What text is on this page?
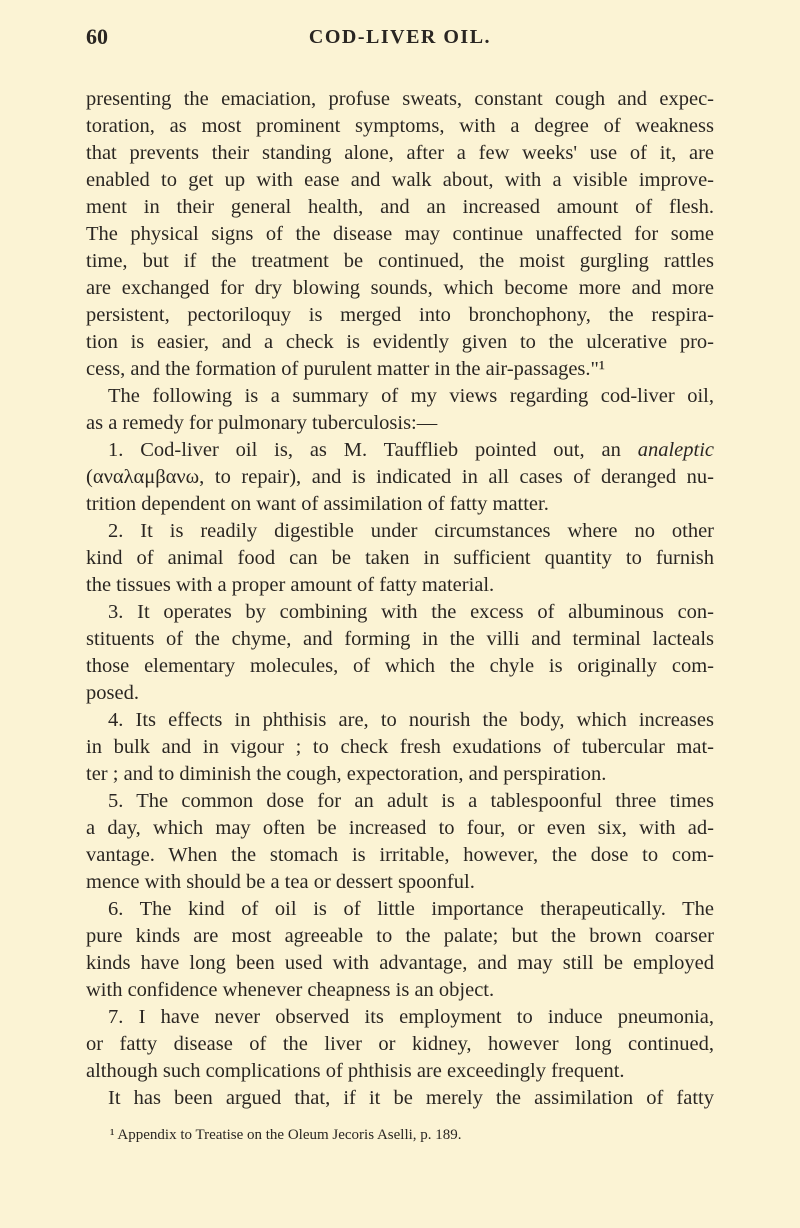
60	COD-LIVER OIL.
presenting the emaciation, profuse sweats, constant cough and expec-
toration, as most prominent symptoms, with a degree of weakness
that prevents their standing alone, after a few weeks' use of it, are
enabled to get up with ease and walk about, with a visible improve-
ment in their general health, and an increased amount of flesh.
The physical signs of the disease may continue unaffected for some
time, but if the treatment be continued, the moist gurgling rattles
are exchanged for dry blowing sounds, which become more and more
persistent, pectoriloquy is merged into bronchophony, the respira-
tion is easier, and a check is evidently given to the ulcerative pro-
cess, and the formation of purulent matter in the air-passages."¹
The following is a summary of my views regarding cod-liver oil,
as a remedy for pulmonary tuberculosis:—
1. Cod-liver oil is, as M. Taufflieb pointed out, an analeptic
(αναλαμβανω, to repair), and is indicated in all cases of deranged nu-
trition dependent on want of assimilation of fatty matter.
2. It is readily digestible under circumstances where no other
kind of animal food can be taken in sufficient quantity to furnish
the tissues with a proper amount of fatty material.
3. It operates by combining with the excess of albuminous con-
stituents of the chyme, and forming in the villi and terminal lacteals
those elementary molecules, of which the chyle is originally com-
posed.
4. Its effects in phthisis are, to nourish the body, which increases
in bulk and in vigour ; to check fresh exudations of tubercular mat-
ter ; and to diminish the cough, expectoration, and perspiration.
5. The common dose for an adult is a tablespoonful three times
a day, which may often be increased to four, or even six, with ad-
vantage. When the stomach is irritable, however, the dose to com-
mence with should be a tea or dessert spoonful.
6. The kind of oil is of little importance therapeutically. The
pure kinds are most agreeable to the palate; but the brown coarser
kinds have long been used with advantage, and may still be employed
with confidence whenever cheapness is an object.
7. I have never observed its employment to induce pneumonia,
or fatty disease of the liver or kidney, however long continued,
although such complications of phthisis are exceedingly frequent.
It has been argued that, if it be merely the assimilation of fatty
¹ Appendix to Treatise on the Oleum Jecoris Aselli, p. 189.
